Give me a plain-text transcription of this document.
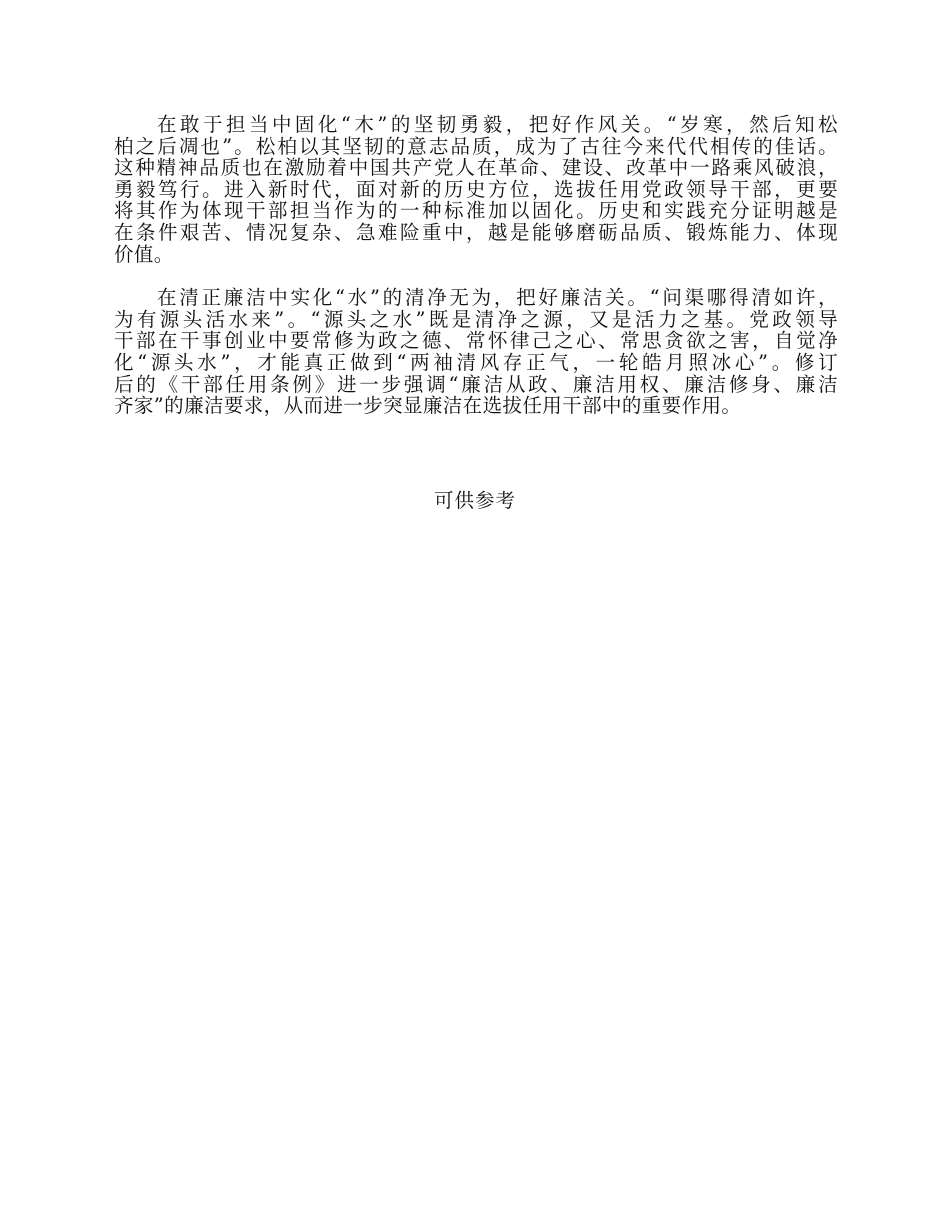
在敢于担当中固化“木”的坚韧勇毅，把好作风关。“岁寒，然后知松
柏之后凋也”。松柏以其坚韧的意志品质，成为了古往今来代代相传的佳话。
这种精神品质也在激励着中国共产党人在革命、建设、改革中一路乘风破浪，
勇毅笃行。进入新时代，面对新的历史方位，选拔任用党政领导干部，更要
将其作为体现干部担当作为的一种标准加以固化。历史和实践充分证明越是
在条件艰苦、情况复杂、急难险重中，越是能够磨砺品质、锻炼能力、体现
价值。

在清正廉洁中实化“水”的清净无为，把好廉洁关。“问渠哪得清如许，
为有源头活水来”。“源头之水”既是清净之源，又是活力之基。党政领导
干部在干事创业中要常修为政之德、常怀律己之心、常思贪欲之害，自觉净
化“源头水”，才能真正做到“两袖清风存正气，一轮皓月照冰心”。修订
后的《干部任用条例》进一步强调“廉洁从政、廉洁用权、廉洁修身、廉洁
齐家”的廉洁要求，从而进一步突显廉洁在选拔任用干部中的重要作用。

可供参考
